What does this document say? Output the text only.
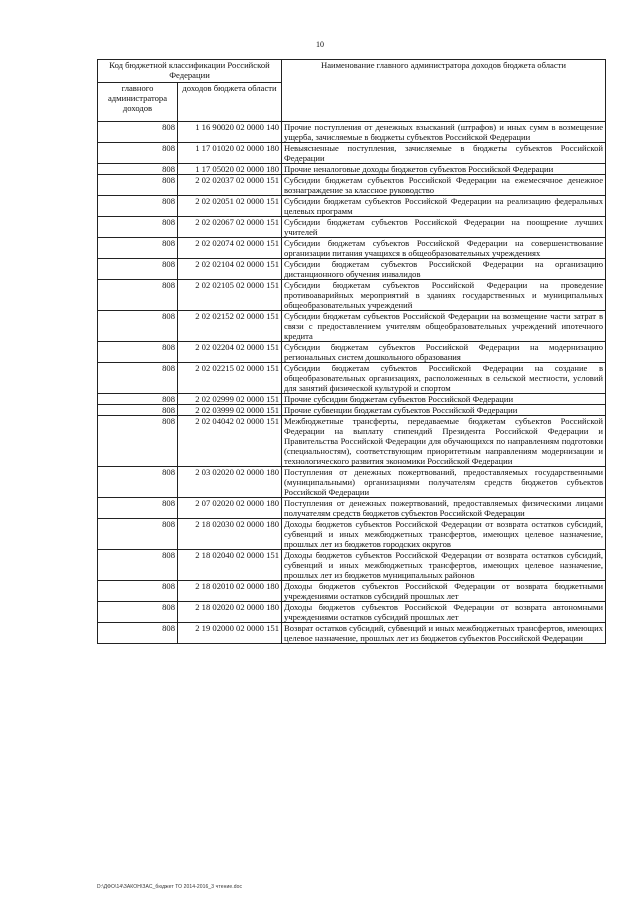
10
Код бюджетной классификации Российской Федерации		Наименование главного администратора доходов бюджета области
главного администратора доходов	доходов бюджета области	
808	1 16 90020 02 0000 140	Прочие поступления от денежных взысканий (штрафов) и иных сумм в возмещение ущерба, зачисляемые в бюджеты субъектов Российской Федерации
808	1 17 01020 02 0000 180	Невыясненные поступления, зачисляемые в бюджеты субъектов Российской Федерации
808	1 17 05020 02 0000 180	Прочие неналоговые доходы бюджетов субъектов Российской Федерации
808	2 02 02037 02 0000 151	Субсидии бюджетам субъектов Российской Федерации на ежемесячное денежное вознаграждение за классное руководство
808	2 02 02051 02 0000 151	Субсидии бюджетам субъектов Российской Федерации на реализацию федеральных целевых программ
808	2 02 02067 02 0000 151	Субсидии бюджетам субъектов Российской Федерации на поощрение лучших учителей
808	2 02 02074 02 0000 151	Субсидии бюджетам субъектов Российской Федерации на совершенствование организации питания учащихся в общеобразовательных учреждениях
808	2 02 02104 02 0000 151	Субсидии бюджетам субъектов Российской Федерации на организацию дистанционного обучения инвалидов
808	2 02 02105 02 0000 151	Субсидии бюджетам субъектов Российской Федерации на проведение противоаварийных мероприятий в зданиях государственных и муниципальных общеобразовательных учреждений
808	2 02 02152 02 0000 151	Субсидии бюджетам субъектов Российской Федерации на возмещение части затрат в связи с предоставлением учителям общеобразовательных учреждений ипотечного кредита
808	2 02 02204 02 0000 151	Субсидии бюджетам субъектов Российской Федерации на модернизацию региональных систем дошкольного образования
808	2 02 02215 02 0000 151	Субсидии бюджетам субъектов Российской Федерации на создание в общеобразовательных организациях, расположенных в сельской местности, условий для занятий физической культурой и спортом
808	2 02 02999 02 0000 151	Прочие субсидии бюджетам субъектов Российской Федерации
808	2 02 03999 02 0000 151	Прочие субвенции бюджетам субъектов Российской Федерации
808	2 02 04042 02 0000 151	Межбюджетные трансферты, передаваемые бюджетам субъектов Российской Федерации на выплату стипендий Президента Российской Федерации и Правительства Российской Федерации для обучающихся по направлениям подготовки (специальностям), соответствующим приоритетным направлениям модернизации и технологического развития экономики Российской Федерации
808	2 03 02020 02 0000 180	Поступления от денежных пожертвований, предоставляемых государственными (муниципальными) организациями получателям средств бюджетов субъектов Российской Федерации
808	2 07 02020 02 0000 180	Поступления от денежных пожертвований, предоставляемых физическими лицами получателям средств бюджетов субъектов Российской Федерации
808	2 18 02030 02 0000 180	Доходы бюджетов субъектов Российской Федерации от возврата остатков субсидий, субвенций и иных межбюджетных трансфертов, имеющих целевое назначение, прошлых лет из бюджетов городских округов
808	2 18 02040 02 0000 151	Доходы бюджетов субъектов Российской Федерации от возврата остатков субсидий, субвенций и иных межбюджетных трансфертов, имеющих целевое назначение, прошлых лет из бюджетов муниципальных районов
808	2 18 02010 02 0000 180	Доходы бюджетов субъектов Российской Федерации от возврата бюджетными учреждениями остатков субсидий прошлых лет
808	2 18 02020 02 0000 180	Доходы бюджетов субъектов Российской Федерации от возврата автономными учреждениями остатков субсидий прошлых лет
808	2 19 02000 02 0000 151	Возврат остатков субсидий, субвенций и иных межбюджетных трансфертов, имеющих целевое назначение, прошлых лет из бюджетов субъектов Российской Федерации
D:\ДФО\14\ЗАКОН\ЗАС_бюджет ТО 2014-2016_3 чтение.doc
